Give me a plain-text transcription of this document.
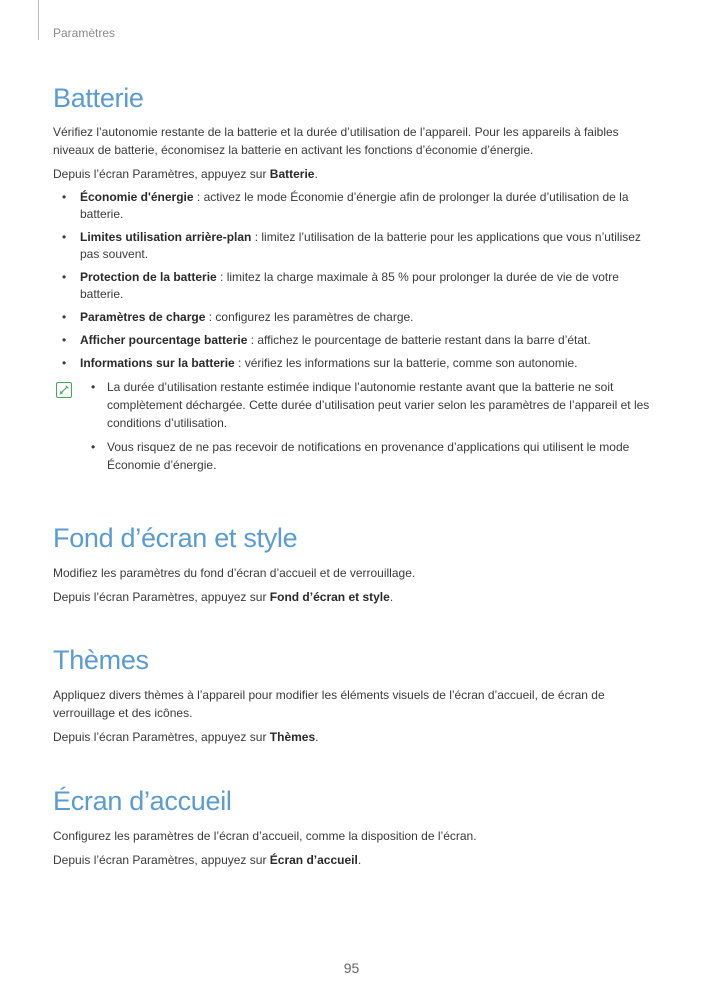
Paramètres
Batterie

Vérifiez l’autonomie restante de la batterie et la durée d’utilisation de l’appareil. Pour les appareils à faibles niveaux de batterie, économisez la batterie en activant les fonctions d’économie d’énergie.

Depuis l’écran Paramètres, appuyez sur Batterie.

• Économie d'énergie : activez le mode Économie d’énergie afin de prolonger la durée d’utilisation de la batterie.
• Limites utilisation arrière-plan : limitez l’utilisation de la batterie pour les applications que vous n’utilisez pas souvent.
• Protection de la batterie : limitez la charge maximale à 85 % pour prolonger la durée de vie de votre batterie.
• Paramètres de charge : configurez les paramètres de charge.
• Afficher pourcentage batterie : affichez le pourcentage de batterie restant dans la barre d’état.
• Informations sur la batterie : vérifiez les informations sur la batterie, comme son autonomie.
• La durée d’utilisation restante estimée indique l’autonomie restante avant que la batterie ne soit complètement déchargée. Cette durée d’utilisation peut varier selon les paramètres de l’appareil et les conditions d’utilisation.
• Vous risquez de ne pas recevoir de notifications en provenance d’applications qui utilisent le mode Économie d’énergie.
Fond d’écran et style

Modifiez les paramètres du fond d’écran d’accueil et de verrouillage.

Depuis l’écran Paramètres, appuyez sur Fond d’écran et style.

Thèmes

Appliquez divers thèmes à l’appareil pour modifier les éléments visuels de l’écran d’accueil, de écran de verrouillage et des icônes.

Depuis l’écran Paramètres, appuyez sur Thèmes.

Écran d’accueil

Configurez les paramètres de l’écran d’accueil, comme la disposition de l’écran.

Depuis l’écran Paramètres, appuyez sur Écran d’accueil.

95
